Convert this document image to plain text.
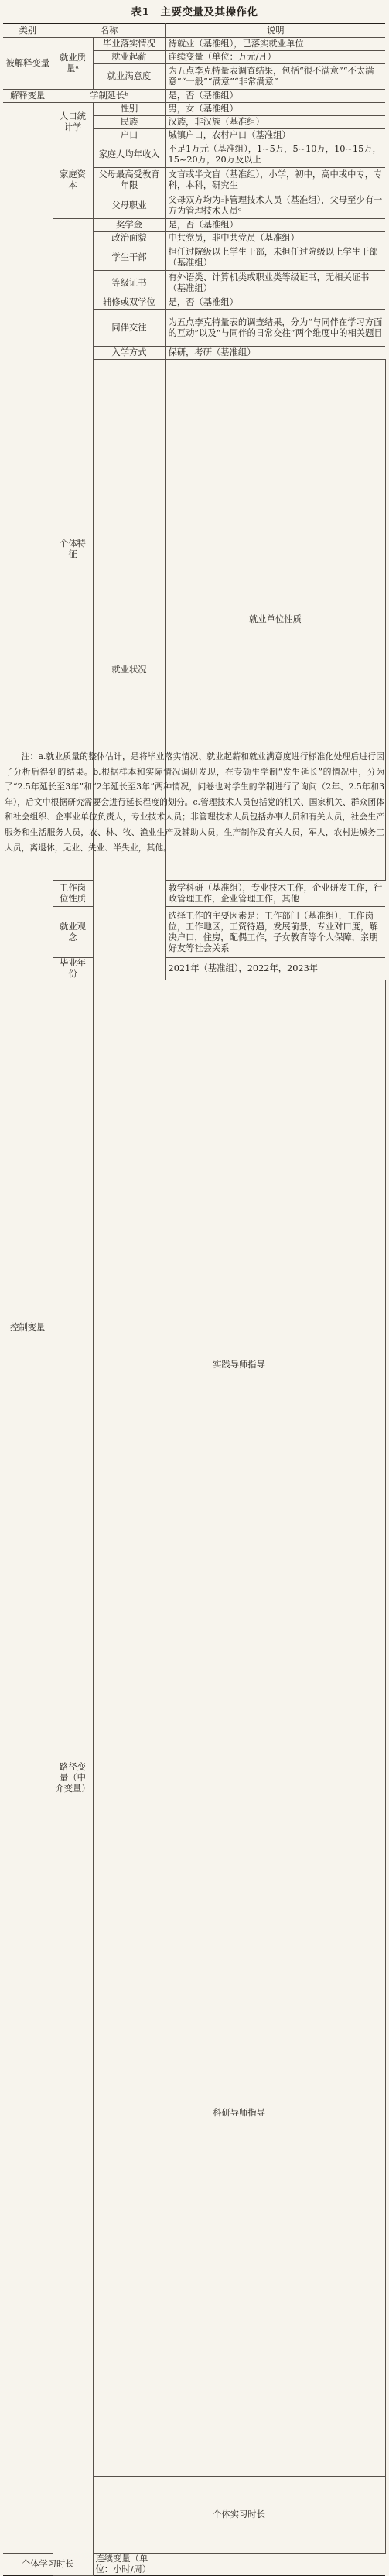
表1　主要变量及其操作化
类别	名称		说明	
被解释变量	就业质量ᵃ	毕业落实情况	待就业（基准组），已落实就业单位	
		就业起薪	连续变量（单位：万元/月）	
		就业满意度	为五点李克特量表调查结果，包括“很不满意”“不太满意”“一般”“满意”“非常满意”	
解释变量	学制延长ᵇ		是，否（基准组）	
控制变量	人口统计学	性别	男，女（基准组）	
		民族	汉族，非汉族（基准组）	
		户口	城镇户口，农村户口（基准组）	
	家庭资本	家庭人均年收入	不足1万元（基准组），1~5万，5~10万，10~15万，15~20万，20万及以上	
		父母最高受教育年限	文盲或半文盲（基准组），小学，初中，高中或中专，专科，本科，研究生	
		父母职业	父母双方均为非管理技术人员（基准组），父母至少有一方为管理技术人员ᶜ	
	个体特征	奖学金	是，否（基准组）	
		政治面貌	中共党员，非中共党员（基准组）	
		学生干部	担任过院级以上学生干部，未担任过院级以上学生干部（基准组）	
		等级证书	有外语类、计算机类或职业类等级证书，无相关证书（基准组）	
		辅修或双学位	是，否（基准组）	
		同伴交往	为五点李克特量表的调查结果，分为“与同伴在学习方面的互动”以及“与同伴的日常交往”两个维度中的相关题目	
		入学方式	保研，考研（基准组）	
		就业状况	就业单位性质	
	工作岗位性质		教学科研（基准组），专业技术工作，企业研发工作，行政管理工作，企业管理工作，其他	
	就业观念		选择工作的主要因素是：工作部门（基准组），工作岗位，工作地区，工资待遇，发展前景，专业对口度，解决户口，住房，配偶工作，子女教育等个人保障，亲朋好友等社会关系	
	毕业年份		2021年（基准组），2022年，2023年	
	路径变量（中介变量）	实践导师指导	
		科研导师指导	
		个体实习时长	
个体学习时长		连续变量（单位：小时/周）		
注：a.就业质量的整体估计，是将毕业落实情况、就业起薪和就业满意度进行标准化处理后进行因子分析后得到的结果。b.根据样本和实际情况调研发现，在专硕生学制“发生延长”的情况中，分为了“2.5年延长至3年”和“2年延长至3年”两种情况，问卷也对学生的学制进行了询问（2年、2.5年和3年），后文中根据研究需要会进行延长程度的划分。c.管理技术人员包括党的机关、国家机关、群众团体和社会组织、企事业单位负责人，专业技术人员；非管理技术人员包括办事人员和有关人员，社会生产服务和生活服务人员，农、林、牧、渔业生产及辅助人员，生产制作及有关人员，军人，农村进城务工人员，离退休，无业、失业、半失业，其他。
